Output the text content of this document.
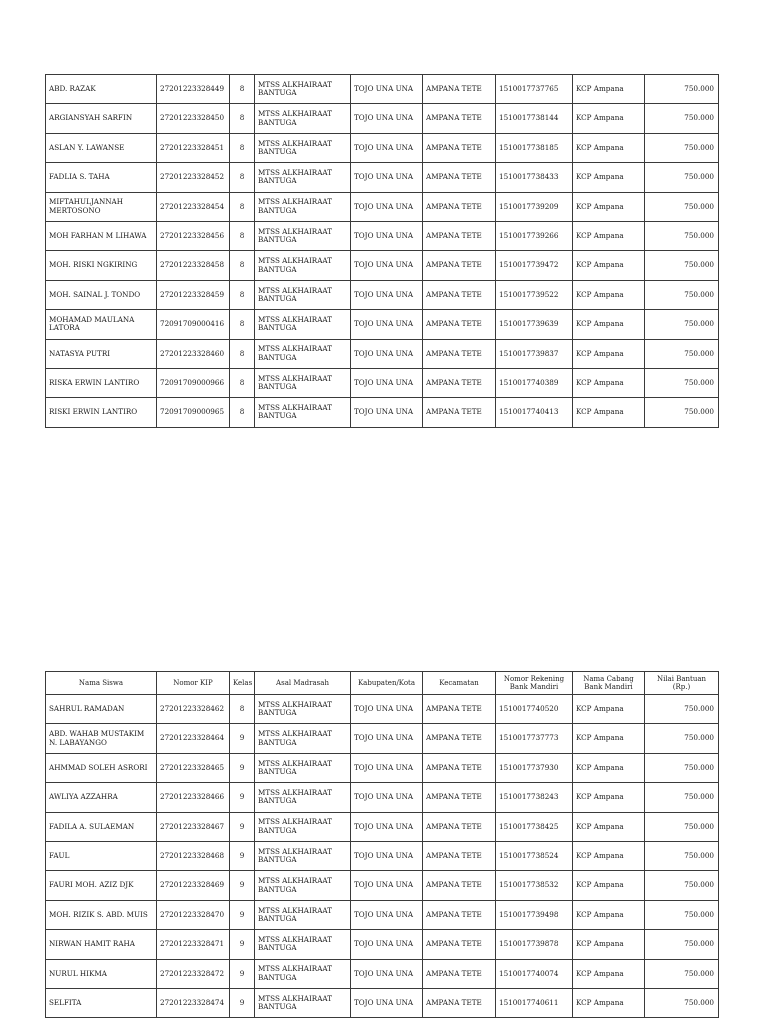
ABD. RAZAK	27201223328449	8	MTSS ALKHAIRAAT BANTUGA	TOJO UNA UNA	AMPANA TETE	1510017737765	KCP Ampana	750.000
ARGIANSYAH SARFIN	27201223328450	8	MTSS ALKHAIRAAT BANTUGA	TOJO UNA UNA	AMPANA TETE	1510017738144	KCP Ampana	750.000
ASLAN Y. LAWANSE	27201223328451	8	MTSS ALKHAIRAAT BANTUGA	TOJO UNA UNA	AMPANA TETE	1510017738185	KCP Ampana	750.000
FADLIA S. TAHA	27201223328452	8	MTSS ALKHAIRAAT BANTUGA	TOJO UNA UNA	AMPANA TETE	1510017738433	KCP Ampana	750.000
MIFTAHULJANNAH MERTOSONO	27201223328454	8	MTSS ALKHAIRAAT BANTUGA	TOJO UNA UNA	AMPANA TETE	1510017739209	KCP Ampana	750.000
MOH FARHAN M LIHAWA	27201223328456	8	MTSS ALKHAIRAAT BANTUGA	TOJO UNA UNA	AMPANA TETE	1510017739266	KCP Ampana	750.000
MOH. RISKI NGKIRING	27201223328458	8	MTSS ALKHAIRAAT BANTUGA	TOJO UNA UNA	AMPANA TETE	1510017739472	KCP Ampana	750.000
MOH. SAINAL J. TONDO	27201223328459	8	MTSS ALKHAIRAAT BANTUGA	TOJO UNA UNA	AMPANA TETE	1510017739522	KCP Ampana	750.000
MOHAMAD MAULANA LATORA	72091709000416	8	MTSS ALKHAIRAAT BANTUGA	TOJO UNA UNA	AMPANA TETE	1510017739639	KCP Ampana	750.000
NATASYA PUTRI	27201223328460	8	MTSS ALKHAIRAAT BANTUGA	TOJO UNA UNA	AMPANA TETE	1510017739837	KCP Ampana	750.000
RISKA ERWIN LANTIRO	72091709000966	8	MTSS ALKHAIRAAT BANTUGA	TOJO UNA UNA	AMPANA TETE	1510017740389	KCP Ampana	750.000
RISKI ERWIN LANTIRO	72091709000965	8	MTSS ALKHAIRAAT BANTUGA	TOJO UNA UNA	AMPANA TETE	1510017740413	KCP Ampana	750.000
Nama Siswa	Nomor KIP	Kelas	Asal Madrasah	Kabupaten/Kota	Kecamatan	Nomor Rekening Bank Mandiri	Nama Cabang Bank Mandiri	Nilai Bantuan (Rp.)
SAHRUL RAMADAN	27201223328462	8	MTSS ALKHAIRAAT BANTUGA	TOJO UNA UNA	AMPANA TETE	1510017740520	KCP Ampana	750.000
ABD. WAHAB MUSTAKIM N. LABAYANGO	27201223328464	9	MTSS ALKHAIRAAT BANTUGA	TOJO UNA UNA	AMPANA TETE	1510017737773	KCP Ampana	750.000
AHMMAD SOLEH ASRORI	27201223328465	9	MTSS ALKHAIRAAT BANTUGA	TOJO UNA UNA	AMPANA TETE	1510017737930	KCP Ampana	750.000
AWLIYA AZZAHRA	27201223328466	9	MTSS ALKHAIRAAT BANTUGA	TOJO UNA UNA	AMPANA TETE	1510017738243	KCP Ampana	750.000
FADILA A. SULAEMAN	27201223328467	9	MTSS ALKHAIRAAT BANTUGA	TOJO UNA UNA	AMPANA TETE	1510017738425	KCP Ampana	750.000
FAUL	27201223328468	9	MTSS ALKHAIRAAT BANTUGA	TOJO UNA UNA	AMPANA TETE	1510017738524	KCP Ampana	750.000
FAURI MOH. AZIZ DJK	27201223328469	9	MTSS ALKHAIRAAT BANTUGA	TOJO UNA UNA	AMPANA TETE	1510017738532	KCP Ampana	750.000
MOH. RIZIK S. ABD. MUIS	27201223328470	9	MTSS ALKHAIRAAT BANTUGA	TOJO UNA UNA	AMPANA TETE	1510017739498	KCP Ampana	750.000
NIRWAN HAMIT RAHA	27201223328471	9	MTSS ALKHAIRAAT BANTUGA	TOJO UNA UNA	AMPANA TETE	1510017739878	KCP Ampana	750.000
NURUL HIKMA	27201223328472	9	MTSS ALKHAIRAAT BANTUGA	TOJO UNA UNA	AMPANA TETE	1510017740074	KCP Ampana	750.000
SELFITA	27201223328474	9	MTSS ALKHAIRAAT BANTUGA	TOJO UNA UNA	AMPANA TETE	1510017740611	KCP Ampana	750.000
